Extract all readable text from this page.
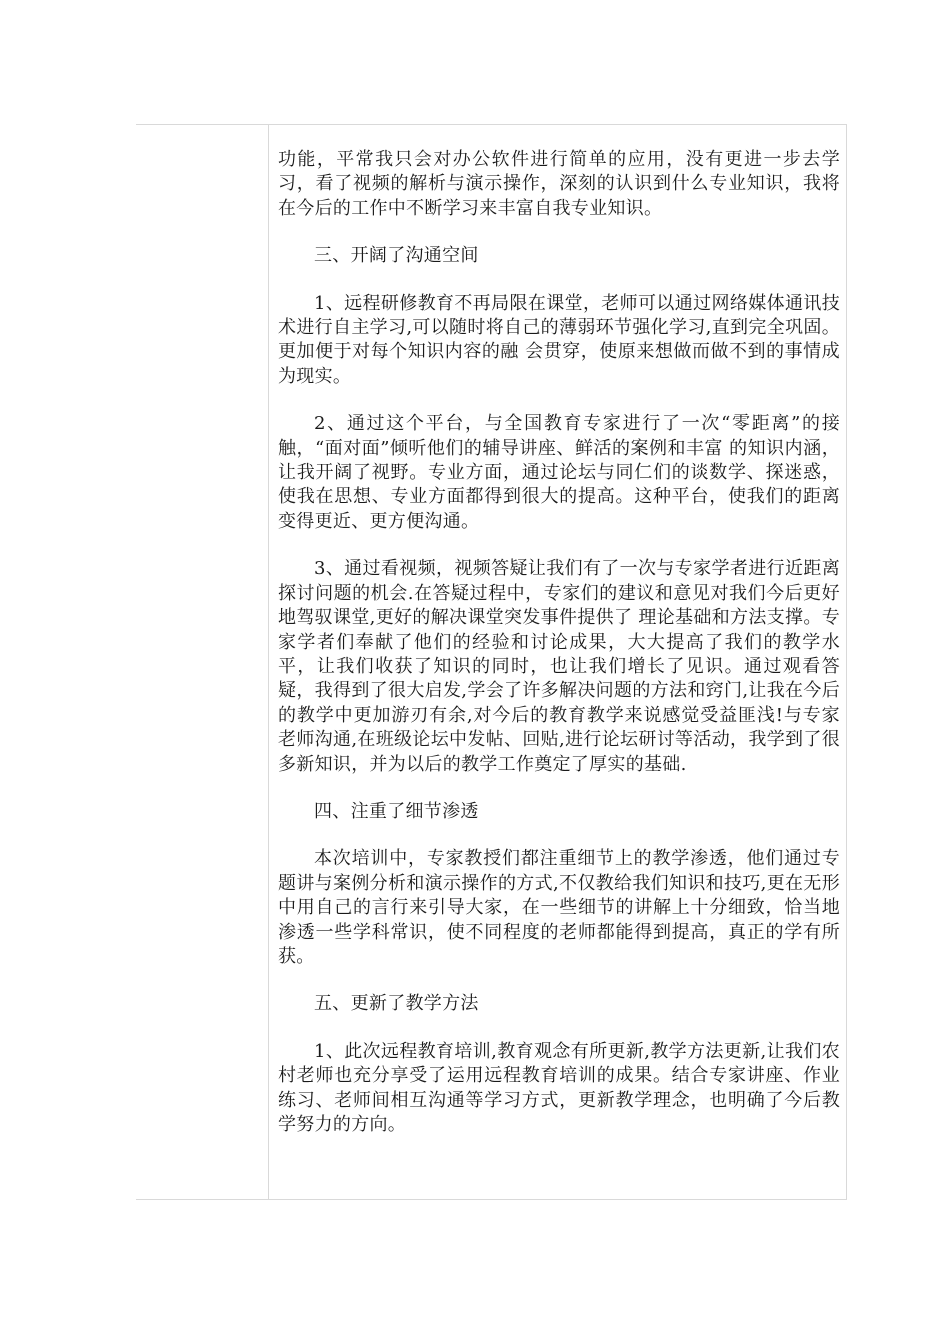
功能，平常我只会对办公软件进行简单的应用，没有更进一步去学习，看了视频的解析与演示操作，深刻的认识到什么专业知识，我将在今后的工作中不断学习来丰富自我专业知识。

三、开阔了沟通空间

1、远程研修教育不再局限在课堂，老师可以通过网络媒体通讯技术进行自主学习,可以随时将自己的薄弱环节强化学习,直到完全巩固。更加便于对每个知识内容的融 会贯穿，使原来想做而做不到的事情成为现实。

2、通过这个平台，与全国教育专家进行了一次“零距离”的接触，“面对面”倾听他们的辅导讲座、鲜活的案例和丰富 的知识内涵，让我开阔了视野。专业方面，通过论坛与同仁们的谈数学、探迷惑，使我在思想、专业方面都得到很大的提高。这种平台，使我们的距离变得更近、更方便沟通。

3、通过看视频，视频答疑让我们有了一次与专家学者进行近距离探讨问题的机会.在答疑过程中，专家们的建议和意见对我们今后更好地驾驭课堂,更好的解决课堂突发事件提供了 理论基础和方法支撑。专家学者们奉献了他们的经验和讨论成果，大大提高了我们的教学水平，让我们收获了知识的同时，也让我们增长了见识。通过观看答疑，我得到了很大启发,学会了许多解决问题的方法和窍门,让我在今后的教学中更加游刃有余,对今后的教育教学来说感觉受益匪浅!与专家老师沟通,在班级论坛中发帖、回贴,进行论坛研讨等活动，我学到了很多新知识，并为以后的教学工作奠定了厚实的基础.

四、注重了细节渗透

本次培训中，专家教授们都注重细节上的教学渗透，他们通过专题讲与案例分析和演示操作的方式,不仅教给我们知识和技巧,更在无形中用自己的言行来引导大家，在一些细节的讲解上十分细致，恰当地渗透一些学科常识，使不同程度的老师都能得到提高，真正的学有所获。

五、更新了教学方法

1、此次远程教育培训,教育观念有所更新,教学方法更新,让我们农村老师也充分享受了运用远程教育培训的成果。结合专家讲座、作业练习、老师间相互沟通等学习方式，更新教学理念，也明确了今后教学努力的方向。
